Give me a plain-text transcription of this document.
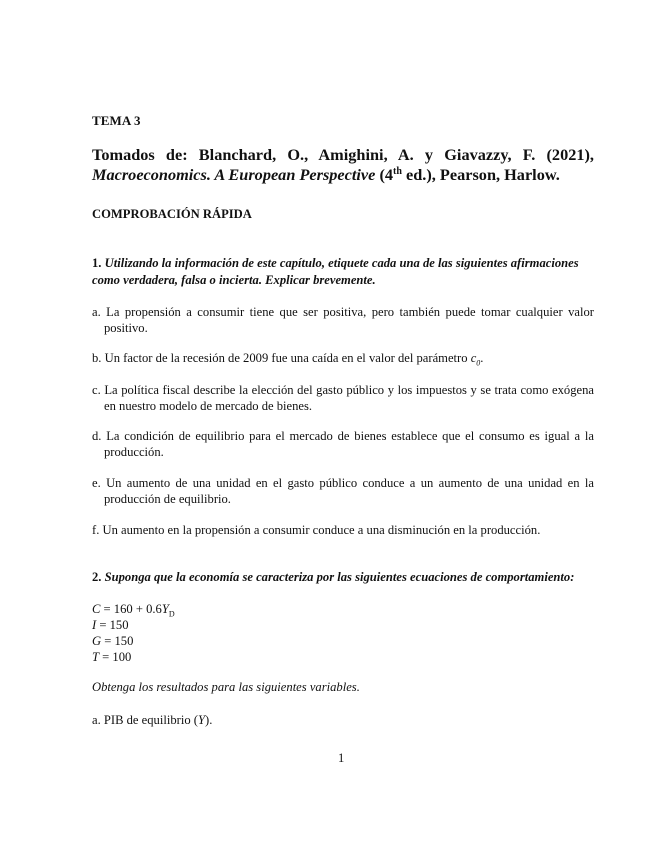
TEMA 3
Tomados de: Blanchard, O., Amighini, A. y Giavazzy, F. (2021), Macroeconomics. A European Perspective (4th ed.), Pearson, Harlow.
COMPROBACIÓN RÁPIDA
1. Utilizando la información de este capítulo, etiquete cada una de las siguientes afirmaciones como verdadera, falsa o incierta. Explicar brevemente.
a. La propensión a consumir tiene que ser positiva, pero también puede tomar cualquier valor positivo.
b. Un factor de la recesión de 2009 fue una caída en el valor del parámetro $c_0$.
c. La política fiscal describe la elección del gasto público y los impuestos y se trata como exógena en nuestro modelo de mercado de bienes.
d. La condición de equilibrio para el mercado de bienes establece que el consumo es igual a la producción.
e. Un aumento de una unidad en el gasto público conduce a un aumento de una unidad en la producción de equilibrio.
f. Un aumento en la propensión a consumir conduce a una disminución en la producción.
2. Suponga que la economía se caracteriza por las siguientes ecuaciones de comportamiento:
$C = 160 + 0.6Y_D$
I = 150
G = 150
T = 100
Obtenga los resultados para las siguientes variables.
a. PIB de equilibrio (Y).
1
